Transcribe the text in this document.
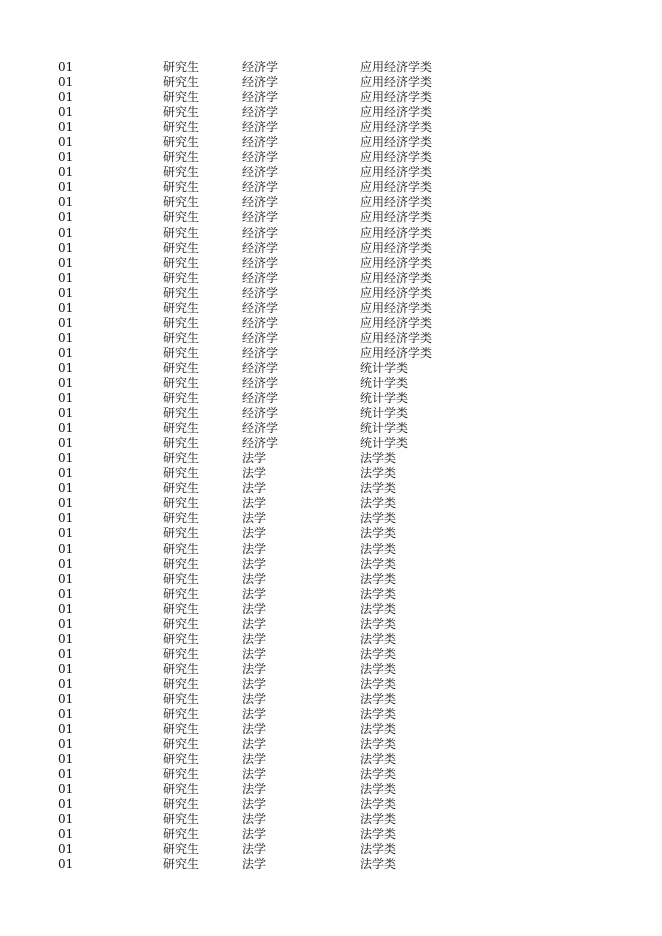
01	研究生	经济学	应用经济学类
01	研究生	经济学	应用经济学类
01	研究生	经济学	应用经济学类
01	研究生	经济学	应用经济学类
01	研究生	经济学	应用经济学类
01	研究生	经济学	应用经济学类
01	研究生	经济学	应用经济学类
01	研究生	经济学	应用经济学类
01	研究生	经济学	应用经济学类
01	研究生	经济学	应用经济学类
01	研究生	经济学	应用经济学类
01	研究生	经济学	应用经济学类
01	研究生	经济学	应用经济学类
01	研究生	经济学	应用经济学类
01	研究生	经济学	应用经济学类
01	研究生	经济学	应用经济学类
01	研究生	经济学	应用经济学类
01	研究生	经济学	应用经济学类
01	研究生	经济学	应用经济学类
01	研究生	经济学	应用经济学类
01	研究生	经济学	统计学类
01	研究生	经济学	统计学类
01	研究生	经济学	统计学类
01	研究生	经济学	统计学类
01	研究生	经济学	统计学类
01	研究生	经济学	统计学类
01	研究生	法学	法学类
01	研究生	法学	法学类
01	研究生	法学	法学类
01	研究生	法学	法学类
01	研究生	法学	法学类
01	研究生	法学	法学类
01	研究生	法学	法学类
01	研究生	法学	法学类
01	研究生	法学	法学类
01	研究生	法学	法学类
01	研究生	法学	法学类
01	研究生	法学	法学类
01	研究生	法学	法学类
01	研究生	法学	法学类
01	研究生	法学	法学类
01	研究生	法学	法学类
01	研究生	法学	法学类
01	研究生	法学	法学类
01	研究生	法学	法学类
01	研究生	法学	法学类
01	研究生	法学	法学类
01	研究生	法学	法学类
01	研究生	法学	法学类
01	研究生	法学	法学类
01	研究生	法学	法学类
01	研究生	法学	法学类
01	研究生	法学	法学类
01	研究生	法学	法学类
